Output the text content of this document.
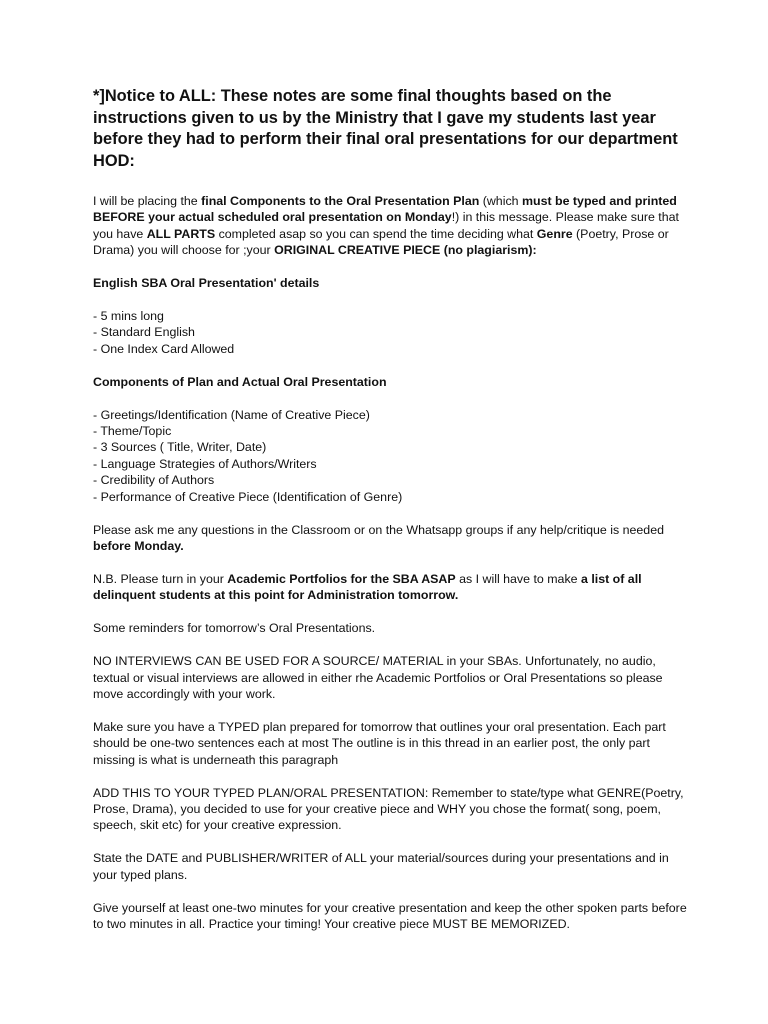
*]Notice to ALL: These notes are some final thoughts based on the instructions given to us by the Ministry that I gave my students last year before they had to perform their final oral presentations for our department HOD:

I will be placing the final Components to the Oral Presentation Plan (which must be typed and printed BEFORE your actual scheduled oral presentation on Monday!) in this message. Please make sure that you have ALL PARTS completed asap so you can spend the time deciding what Genre (Poetry, Prose or Drama) you will choose for ;your ORIGINAL CREATIVE PIECE (no plagiarism):

English SBA Oral Presentation' details

- 5 mins long
- Standard English
- One Index Card Allowed

Components of Plan and Actual Oral Presentation

- Greetings/Identification (Name of Creative Piece)
- Theme/Topic
- 3 Sources ( Title, Writer, Date)
- Language Strategies of Authors/Writers
- Credibility of Authors
- Performance of Creative Piece (Identification of Genre)

Please ask me any questions in the Classroom or on the Whatsapp groups if any help/critique is needed before Monday.

N.B. Please turn in your Academic Portfolios for the SBA ASAP as I will have to make a list of all delinquent students at this point for Administration tomorrow.

Some reminders for tomorrow’s Oral Presentations.

NO INTERVIEWS CAN BE USED FOR A SOURCE/ MATERIAL in your SBAs. Unfortunately, no audio, textual or visual interviews are allowed in either rhe Academic Portfolios or Oral Presentations so please move accordingly with your work.

Make sure you have a TYPED plan prepared for tomorrow that outlines your oral presentation. Each part should be one-two sentences each at most The outline is in this thread in an earlier post, the only part missing is what is underneath this paragraph

ADD THIS TO YOUR TYPED PLAN/ORAL PRESENTATION: Remember to state/type what GENRE(Poetry, Prose, Drama), you decided to use for your creative piece and WHY you chose the format( song, poem, speech, skit etc) for your creative expression.

State the DATE and PUBLISHER/WRITER of ALL your material/sources during your presentations and in your typed plans.

Give yourself at least one-two minutes for your creative presentation and keep the other spoken parts before to two minutes in all. Practice your timing! Your creative piece MUST BE MEMORIZED.
